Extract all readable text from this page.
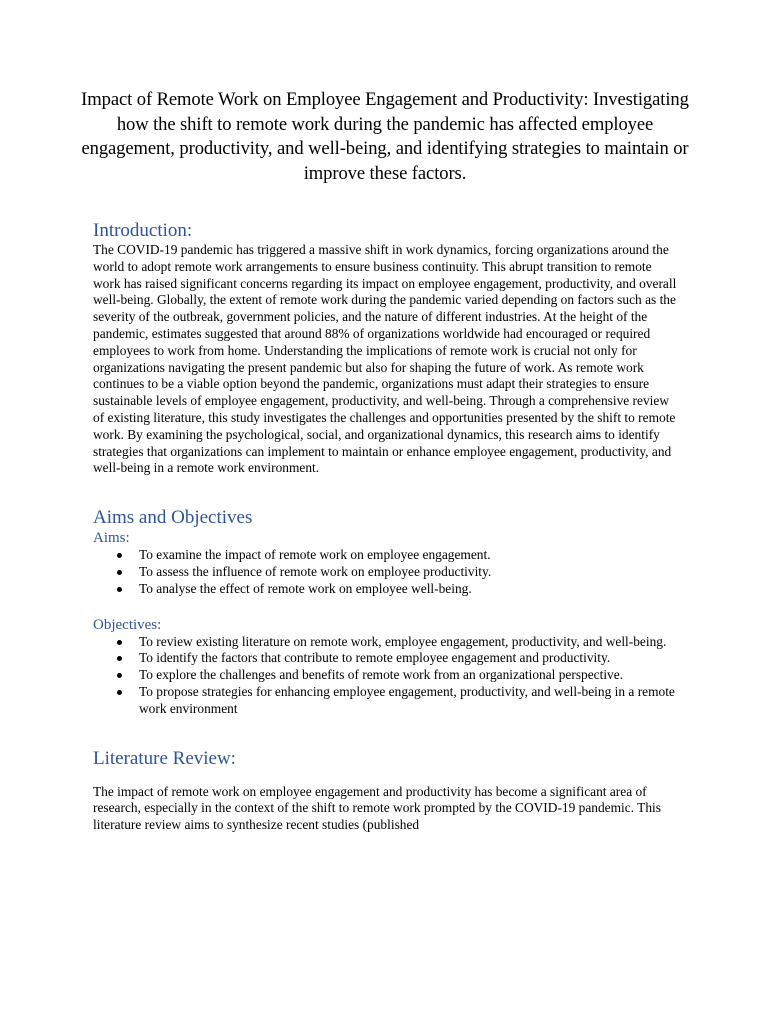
Impact of Remote Work on Employee Engagement and Productivity: Investigating how the shift to remote work during the pandemic has affected employee engagement, productivity, and well-being, and identifying strategies to maintain or improve these factors.
Introduction:

The COVID-19 pandemic has triggered a massive shift in work dynamics, forcing organizations around the world to adopt remote work arrangements to ensure business continuity. This abrupt transition to remote work has raised significant concerns regarding its impact on employee engagement, productivity, and overall well-being. Globally, the extent of remote work during the pandemic varied depending on factors such as the severity of the outbreak, government policies, and the nature of different industries. At the height of the pandemic, estimates suggested that around 88% of organizations worldwide had encouraged or required employees to work from home. Understanding the implications of remote work is crucial not only for organizations navigating the present pandemic but also for shaping the future of work. As remote work continues to be a viable option beyond the pandemic, organizations must adapt their strategies to ensure sustainable levels of employee engagement, productivity, and well-being. Through a comprehensive review of existing literature, this study investigates the challenges and opportunities presented by the shift to remote work. By examining the psychological, social, and organizational dynamics, this research aims to identify strategies that organizations can implement to maintain or enhance employee engagement, productivity, and well-being in a remote work environment.

Aims and Objectives
Aims:
To examine the impact of remote work on employee engagement.
To assess the influence of remote work on employee productivity.
To analyse the effect of remote work on employee well-being.
Objectives:
To review existing literature on remote work, employee engagement, productivity, and well-being.
To identify the factors that contribute to remote employee engagement and productivity.
To explore the challenges and benefits of remote work from an organizational perspective.
To propose strategies for enhancing employee engagement, productivity, and well-being in a remote work environment
Literature Review:

The impact of remote work on employee engagement and productivity has become a significant area of research, especially in the context of the shift to remote work prompted by the COVID-19 pandemic. This literature review aims to synthesize recent studies (published
